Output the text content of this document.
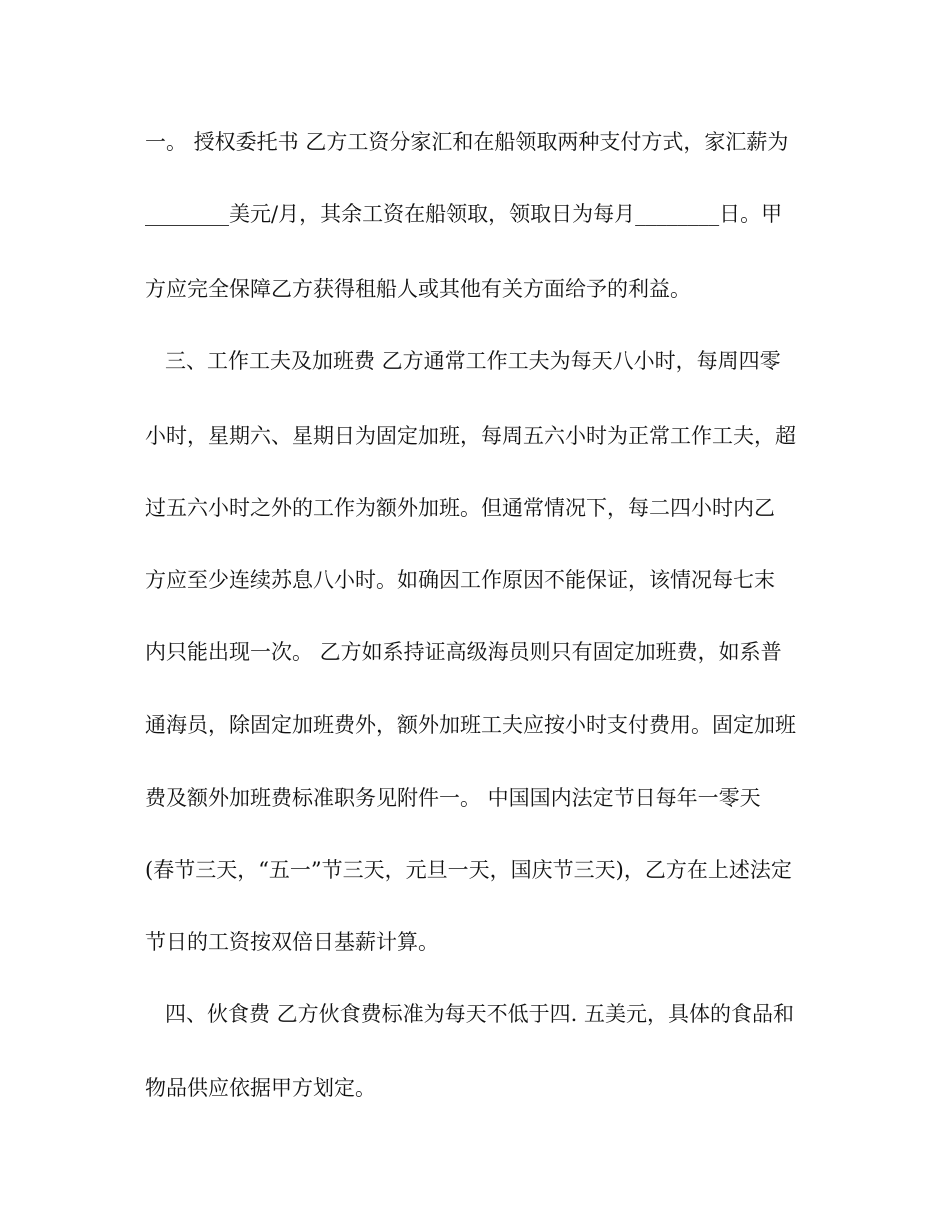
一。 授权委托书 乙方工资分家汇和在船领取两种支付方式，家汇薪为

________美元/月，其余工资在船领取，领取日为每月________日。甲

方应完全保障乙方获得租船人或其他有关方面给予的利益。

三、工作工夫及加班费 乙方通常工作工夫为每天八小时，每周四零

小时，星期六、星期日为固定加班，每周五六小时为正常工作工夫，超

过五六小时之外的工作为额外加班。但通常情况下，每二四小时内乙

方应至少连续苏息八小时。如确因工作原因不能保证，该情况每七末

内只能出现一次。 乙方如系持证高级海员则只有固定加班费，如系普

通海员，除固定加班费外，额外加班工夫应按小时支付费用。固定加班

费及额外加班费标准职务见附件一。 中国国内法定节日每年一零天

(春节三天，“五一”节三天，元旦一天，国庆节三天)，乙方在上述法定

节日的工资按双倍日基薪计算。

四、伙食费 乙方伙食费标准为每天不低于四. 五美元，具体的食品和

物品供应依据甲方划定。
